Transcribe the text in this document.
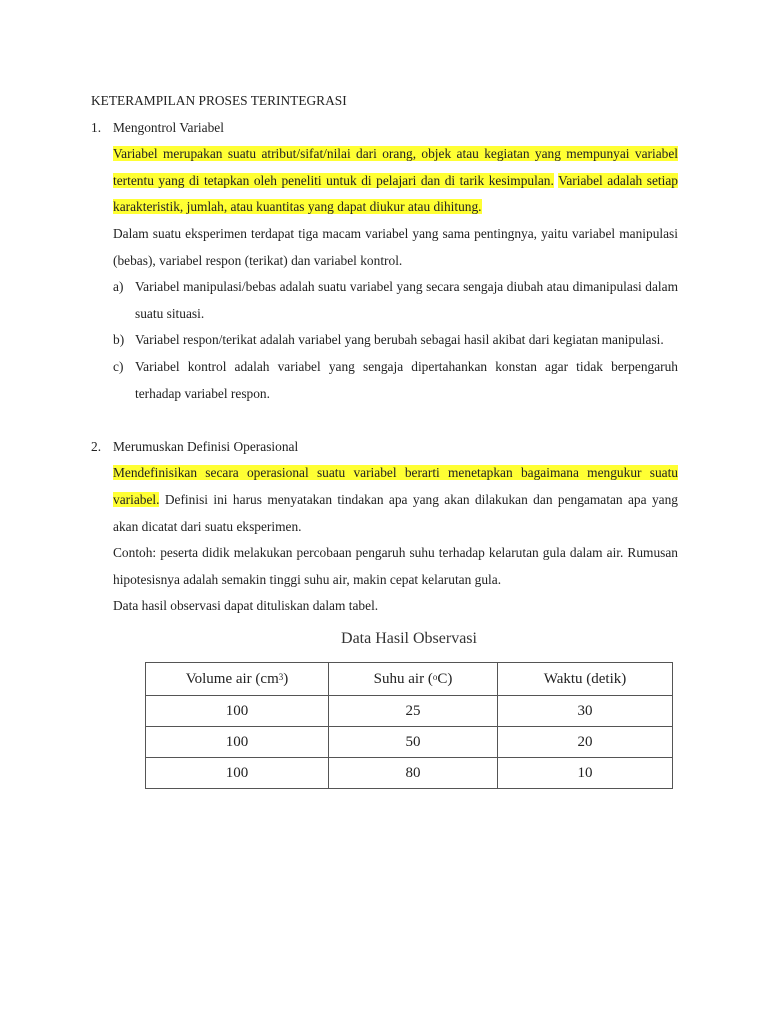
KETERAMPILAN PROSES TERINTEGRASI

1. Mengontrol Variabel

Variabel merupakan suatu atribut/sifat/nilai dari orang, objek atau kegiatan yang mempunyai variabel tertentu yang di tetapkan oleh peneliti untuk di pelajari dan di tarik kesimpulan. Variabel adalah setiap karakteristik, jumlah, atau kuantitas yang dapat diukur atau dihitung.

Dalam suatu eksperimen terdapat tiga macam variabel yang sama pentingnya, yaitu variabel manipulasi (bebas), variabel respon (terikat) dan variabel kontrol.

a) Variabel manipulasi/bebas adalah suatu variabel yang secara sengaja diubah atau dimanipulasi dalam suatu situasi.
b) Variabel respon/terikat adalah variabel yang berubah sebagai hasil akibat dari kegiatan manipulasi.
c) Variabel kontrol adalah variabel yang sengaja dipertahankan konstan agar tidak berpengaruh terhadap variabel respon.
2. Merumuskan Definisi Operasional

Mendefinisikan secara operasional suatu variabel berarti menetapkan bagaimana mengukur suatu variabel. Definisi ini harus menyatakan tindakan apa yang akan dilakukan dan pengamatan apa yang akan dicatat dari suatu eksperimen.

Contoh: peserta didik melakukan percobaan pengaruh suhu terhadap kelarutan gula dalam air. Rumusan hipotesisnya adalah semakin tinggi suhu air, makin cepat kelarutan gula.

Data hasil observasi dapat dituliskan dalam tabel.

Data Hasil Observasi
Volume air $(cm^3)$	Suhu air ($^o$C)	Waktu (detik)
100	25	30
100	50	20
100	80	10
